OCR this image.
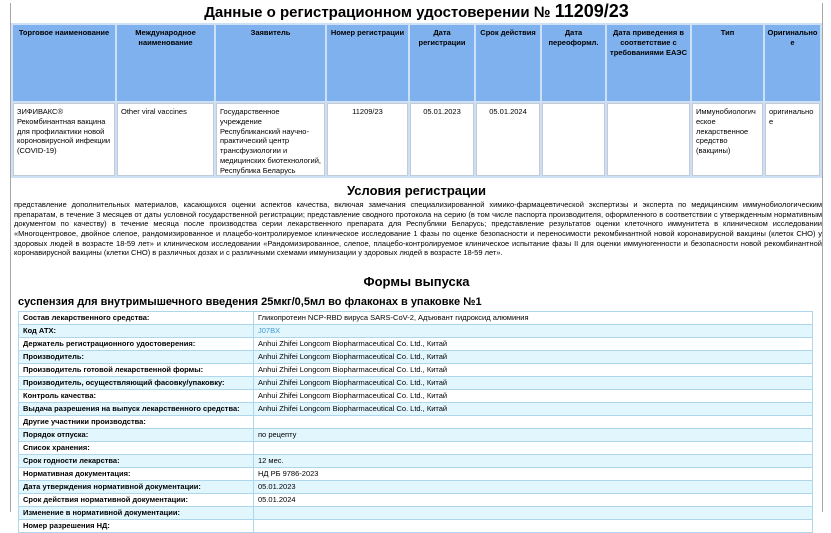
Данные о регистрационном удостоверении № 11209/23
Торговое наименование	Международное наименование	Заявитель	Номер регистрации	Дата регистрации	Срок действия	Дата переоформл.	Дата приведения в соответствие с требованиями ЕАЭС	Тип	Оригинальное
ЗИФИВАКС® Рекомбинантная вакцина для профилактики новой короновирусной инфекции (COVID-19)	Other viral vaccines	Государственное учреждение Республиканский научно-практический центр трансфузиологии и медицинских биотехнологий, Республика Беларусь	11209/23	05.01.2023	05.01.2024			Иммунобиологическое лекарственное средство (вакцины)	оригинальное
Условия регистрации

представление дополнительных материалов, касающихся оценки аспектов качества, включая замечания специализированной химико-фармацевтической экспертизы и эксперта по медицинским иммунобиологическим препаратам, в течение 3 месяцев от даты условной государственной регистрации; представление сводного протокола на серию (в том числе паспорта производителя, оформленного в соответствии с утвержденным нормативным документом по качеству) в течение месяца после производства серии лекарственного препарата для Республики Беларусь; представление результатов оценки клеточного иммунитета в клиническом исследовании «Многоцентровое, двойное слепое, рандомизированное и плацебо-контролируемое клиническое исследование 1 фазы по оценке безопасности и переносимости рекомбинантной новой коронавирусной вакцины (клеток CHO) у здоровых людей в возрасте 18-59 лет» и клиническом исследовании «Рандомизированное, слепое, плацебо-контролируемое клиническое испытание фазы II для оценки иммуногенности и безопасности новой рекомбинантной коронавирусной вакцины (клетки CHO) в различных дозах и с различными схемами иммунизации у здоровых людей в возрасте 18-59 лет».

Формы выпуска
суспензия для внутримышечного введения 25мкг/0,5мл во флаконах в упаковке №1
Состав лекарственного средства:	Гликопротеин NCP-RBD вируса SARS-CoV-2, Адъювант гидроксид алюминия
Код АТХ:	J07BX
Держатель регистрационного удостоверения:	Anhui Zhifei Longcom Biopharmaceutical Co. Ltd., Китай
Производитель:	Anhui Zhifei Longcom Biopharmaceutical Co. Ltd., Китай
Производитель готовой лекарственной формы:	Anhui Zhifei Longcom Biopharmaceutical Co. Ltd., Китай
Производитель, осуществляющий фасовку/упаковку:	Anhui Zhifei Longcom Biopharmaceutical Co. Ltd., Китай
Контроль качества:	Anhui Zhifei Longcom Biopharmaceutical Co. Ltd., Китай
Выдача разрешения на выпуск лекарственного средства:	Anhui Zhifei Longcom Biopharmaceutical Co. Ltd., Китай
Другие участники производства:	
Порядок отпуска:	по рецепту
Список хранения:	
Срок годности лекарства:	12 мес.
Нормативная документация:	НД РБ 9786-2023
Дата утверждения нормативной документации:	05.01.2023
Срок действия нормативной документации:	05.01.2024
Изменение в нормативной документации:	
Номер разрешения НД:	
